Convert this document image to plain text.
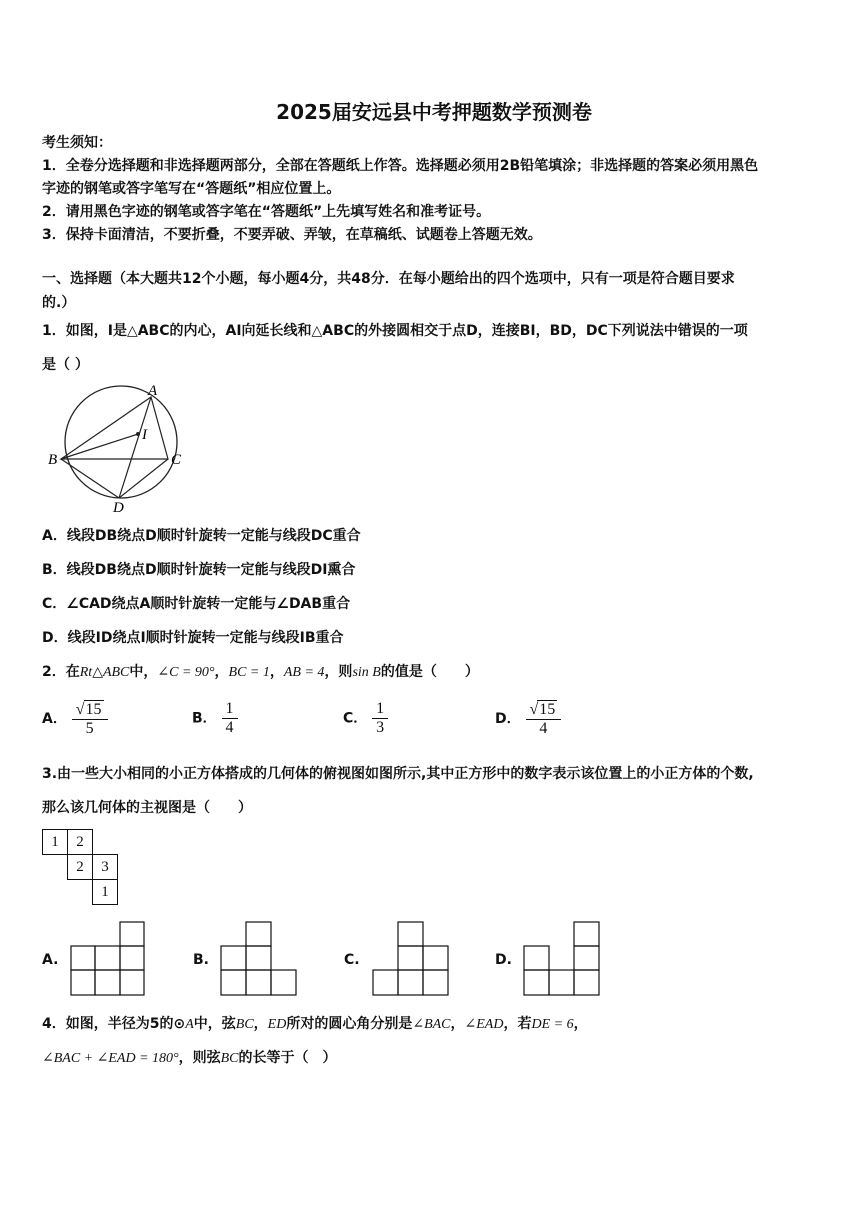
2025届安远县中考押题数学预测卷
考生须知：
1．全卷分选择题和非选择题两部分，全部在答题纸上作答。选择题必须用2B铅笔填涂；非选择题的答案必须用黑色
字迹的钢笔或答字笔写在“答题纸”相应位置上。
2．请用黑色字迹的钢笔或答字笔在“答题纸”上先填写姓名和准考证号。
3．保持卡面清洁，不要折叠，不要弄破、弄皱，在草稿纸、试题卷上答题无效。
一、选择题（本大题共12个小题，每小题4分，共48分．在每小题给出的四个选项中，只有一项是符合题目要求
的.）
1．如图，I是△ABC的内心，AI向延长线和△ABC的外接圆相交于点D，连接BI，BD，DC下列说法中错误的一项
是（ ）
A
I
B	C
D
A．线段DB绕点D顺时针旋转一定能与线段DC重合
B．线段DB绕点D顺时针旋转一定能与线段DI熏合
C．∠CAD绕点A顺时针旋转一定能与∠DAB重合
D．线段ID绕点I顺时针旋转一定能与线段IB重合
2．在Rt△ABC中，∠C = 90°，BC = 1，AB = 4，则sin B的值是（　　）
A． $\frac{√15}{5}$	B． $\frac{1}{4}$	C． $\frac{1}{3}$	D． $\frac{√15}{4}$
3.由一些大小相同的小正方体搭成的几何体的俯视图如图所示,其中正方形中的数字表示该位置上的小正方体的个数,
那么该几何体的主视图是（　　）
1	2	
	2	3
		1
A.	B.	C.	D.
4．如图，半径为5的⊙A中，弦BC，ED所对的圆心角分别是∠BAC，∠EAD，若DE = 6，
∠BAC + ∠EAD = 180°，则弦BC的长等于（　）
